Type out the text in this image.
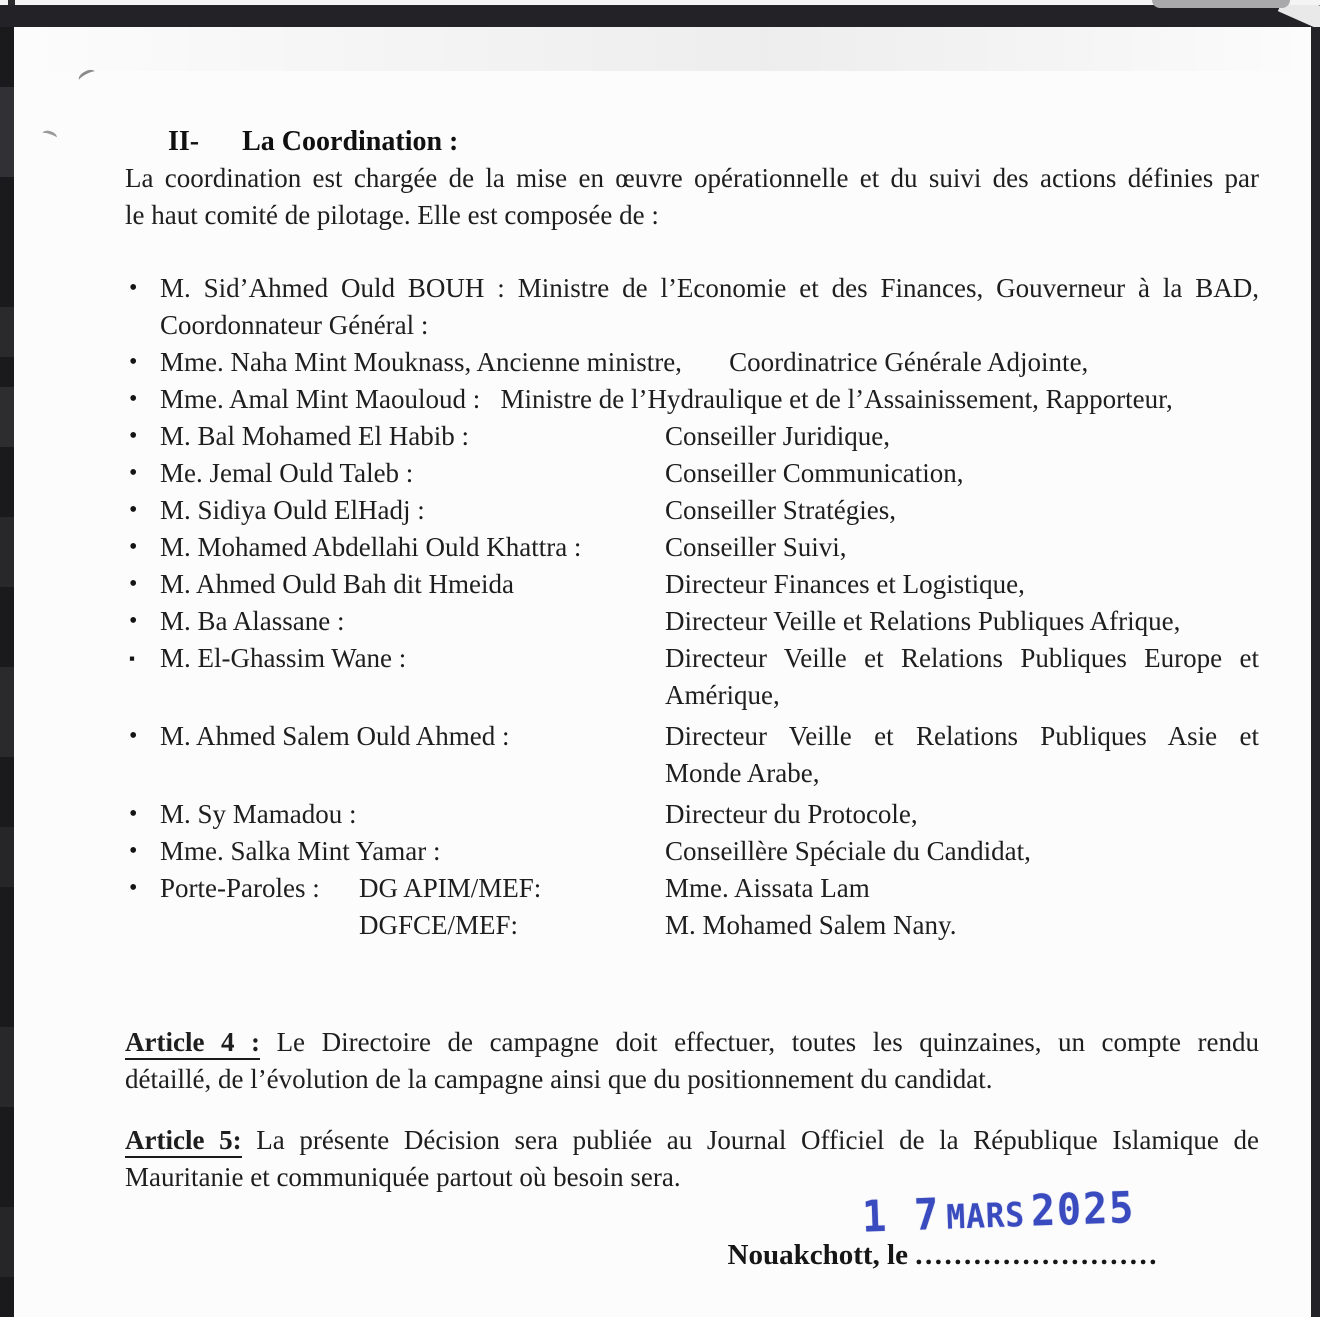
II- La Coordination :
La coordination est chargée de la mise en œuvre opérationnelle et du suivi des actions définies par
le haut comité de pilotage. Elle est composée de :
• M. Sid’Ahmed Ould BOUH : Ministre de l’Economie et des Finances, Gouverneur à la BAD,
Coordonnateur Général :
• Mme. Naha Mint Mouknass, Ancienne ministre,       Coordinatrice Générale Adjointe,
• Mme. Amal Mint Maouloud :   Ministre de l’Hydraulique et de l’Assainissement, Rapporteur,
• M. Bal Mohamed El Habib :	Conseiller Juridique,
• Me. Jemal Ould Taleb :	Conseiller Communication,
• M. Sidiya Ould ElHadj :	Conseiller Stratégies,
• M. Mohamed Abdellahi Ould Khattra :	Conseiller Suivi,
• M. Ahmed Ould Bah dit Hmeida	Directeur Finances et Logistique,
• M. Ba Alassane :	Directeur Veille et Relations Publiques Afrique,
▪ M. El-Ghassim Wane :	Directeur Veille et Relations Publiques Europe et
Amérique,
• M. Ahmed Salem Ould Ahmed :	Directeur Veille et Relations Publiques Asie et
Monde Arabe,
• M. Sy Mamadou :	Directeur du Protocole,
• Mme. Salka Mint Yamar :	Conseillère Spéciale du Candidat,
• Porte-Paroles : DG APIM/MEF:	Mme. Aissata Lam
DGFCE/MEF:	M. Mohamed Salem Nany.

Article 4 : Le Directoire de campagne doit effectuer, toutes les quinzaines, un compte rendu
détaillé, de l’évolution de la campagne ainsi que du positionnement du candidat.

Article 5: La présente Décision sera publiée au Journal Officiel de la République Islamique de
Mauritanie et communiquée partout où besoin sera.

1 7 MARS 2025
Nouakchott, le .........................
